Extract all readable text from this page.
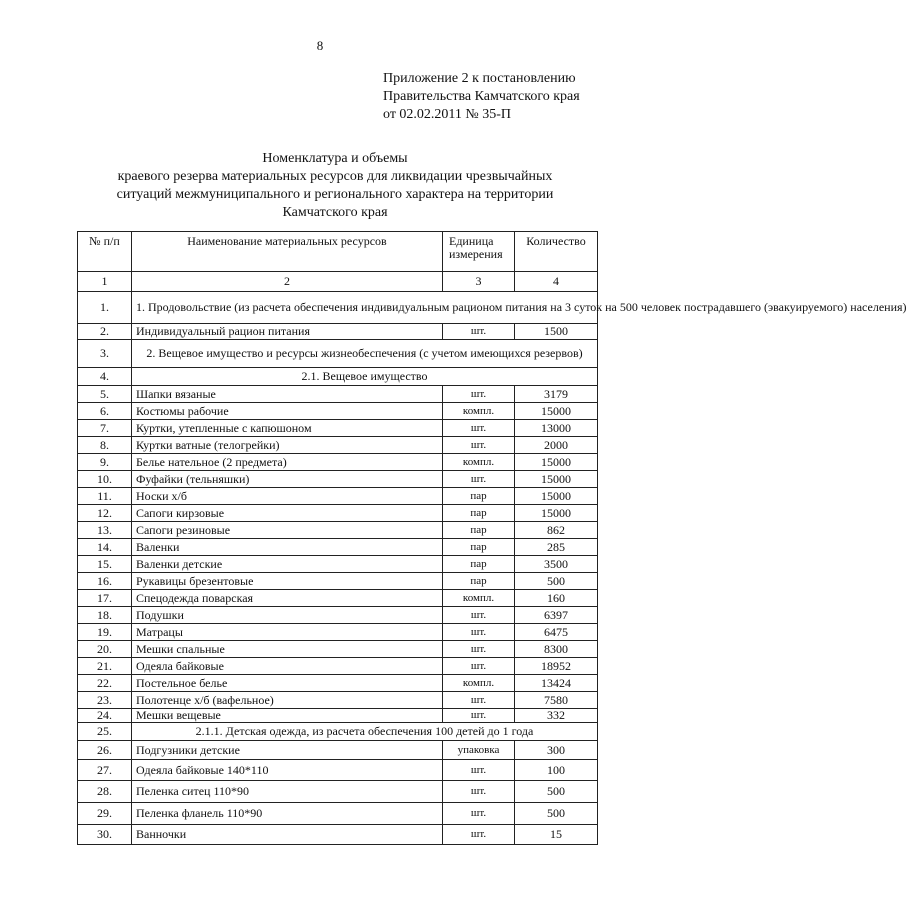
8
Приложение 2 к постановлению
Правительства Камчатского края
от 02.02.2011 № 35-П
Номенклатура и объемы
краевого резерва материальных ресурсов для ликвидации чрезвычайных
ситуаций межмуниципального и регионального характера на территории
Камчатского края
№ п/п	Наименование материальных ресурсов	Единица измерения	Количество
1	2	3	4
1.	1. Продовольствие (из расчета обеспечения индивидуальным рационом питания на 3 суток на 500 человек пострадавшего (эвакуируемого) населения)		
2.	Индивидуальный рацион питания	шт.	1500
3.	2. Вещевое имущество и ресурсы жизнеобеспечения (с учетом имеющихся резервов)		
4.	2.1. Вещевое имущество		
5.	Шапки вязаные	шт.	3179
6.	Костюмы рабочие	компл.	15000
7.	Куртки, утепленные с капюшоном	шт.	13000
8.	Куртки ватные (телогрейки)	шт.	2000
9.	Белье нательное (2 предмета)	компл.	15000
10.	Фуфайки (тельняшки)	шт.	15000
11.	Носки х/б	пар	15000
12.	Сапоги кирзовые	пар	15000
13.	Сапоги резиновые	пар	862
14.	Валенки	пар	285
15.	Валенки детские	пар	3500
16.	Рукавицы брезентовые	пар	500
17.	Спецодежда поварская	компл.	160
18.	Подушки	шт.	6397
19.	Матрацы	шт.	6475
20.	Мешки спальные	шт.	8300
21.	Одеяла байковые	шт.	18952
22.	Постельное белье	компл.	13424
23.	Полотенце х/б (вафельное)	шт.	7580
24.	Мешки вещевые	шт.	332
25.	2.1.1. Детская одежда, из расчета обеспечения 100 детей до 1 года		
26.	Подгузники детские	упаковка	300
27.	Одеяла байковые 140*110	шт.	100
28.	Пеленка ситец 110*90	шт.	500
29.	Пеленка фланель 110*90	шт.	500
30.	Ванночки	шт.	15
